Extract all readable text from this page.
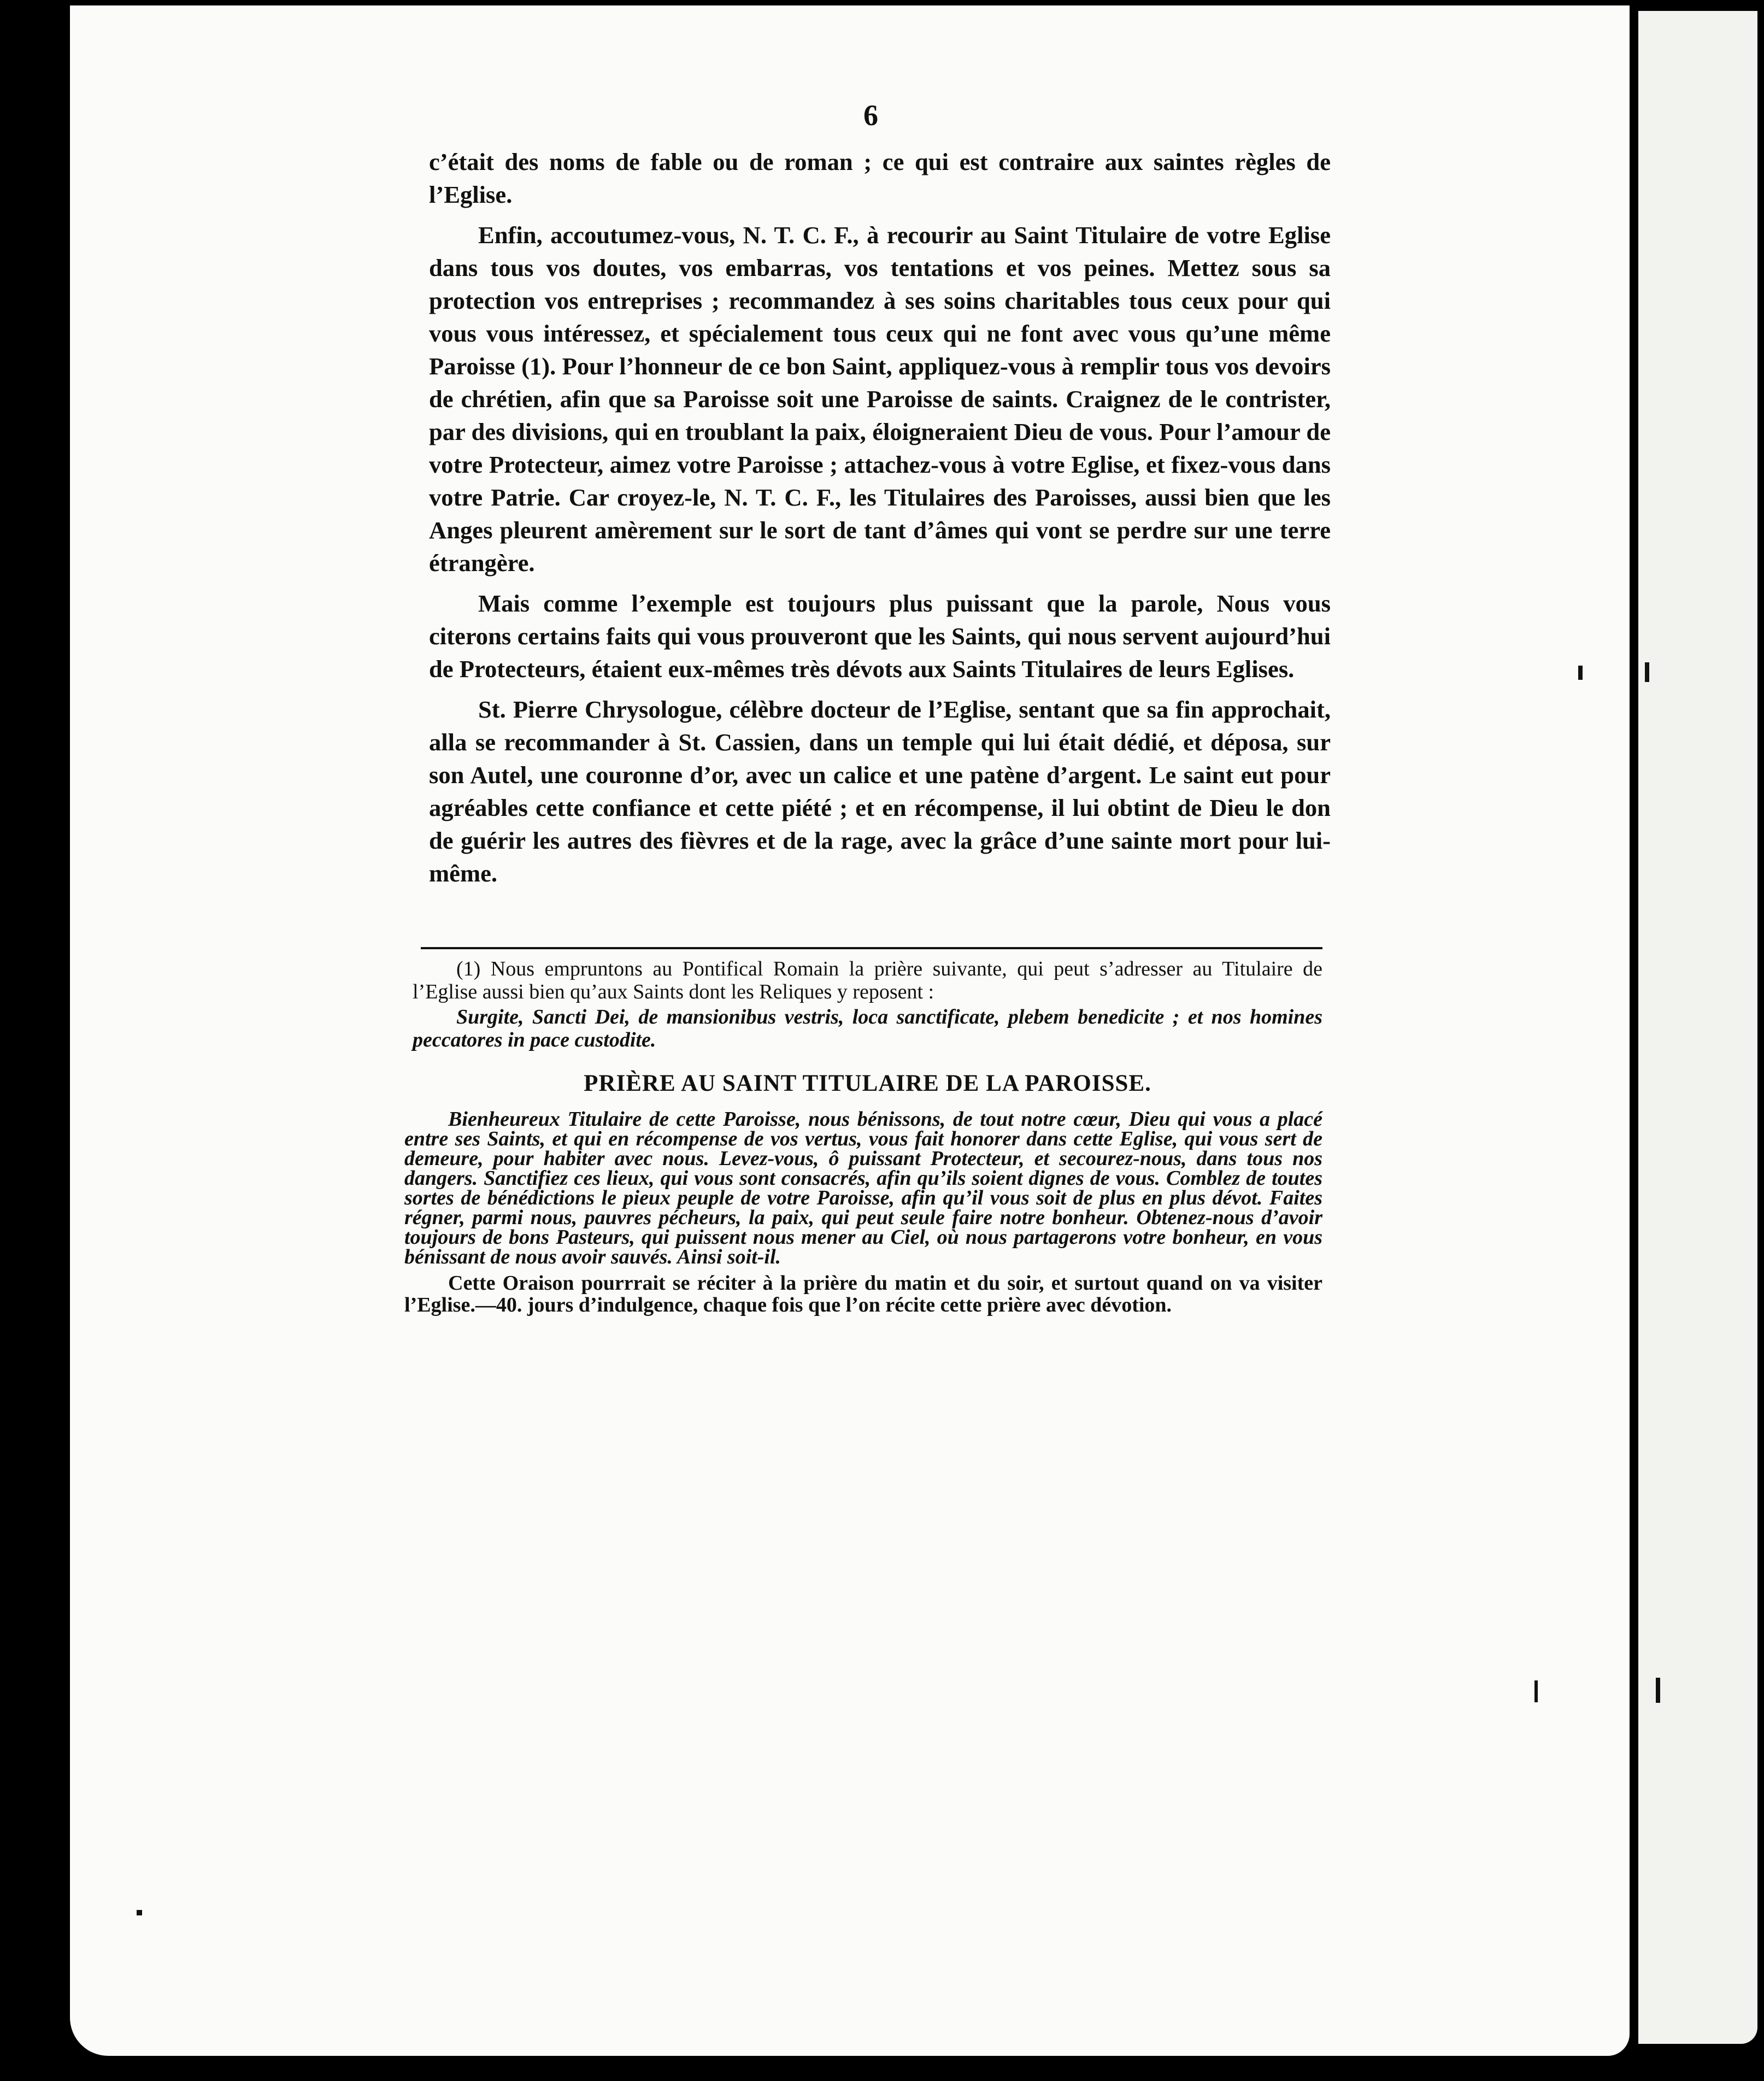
6

c’était des noms de fable ou de roman ; ce qui est contraire aux saintes règles de l’Eglise.

Enfin, accoutumez-vous, N. T. C. F., à recourir au Saint Titulaire de votre Eglise dans tous vos doutes, vos embarras, vos tentations et vos peines. Mettez sous sa protection vos entreprises ; recommandez à ses soins charitables tous ceux pour qui vous vous intéressez, et spécialement tous ceux qui ne font avec vous qu’une même Paroisse (1). Pour l’honneur de ce bon Saint, appliquez-vous à remplir tous vos devoirs de chrétien, afin que sa Paroisse soit une Paroisse de saints. Craignez de le contrister, par des divisions, qui en troublant la paix, éloigneraient Dieu de vous. Pour l’amour de votre Protecteur, aimez votre Paroisse ; attachez-vous à votre Eglise, et fixez-vous dans votre Patrie. Car croyez-le, N. T. C. F., les Titulaires des Paroisses, aussi bien que les Anges pleurent amèrement sur le sort de tant d’âmes qui vont se perdre sur une terre étrangère.

Mais comme l’exemple est toujours plus puissant que la parole, Nous vous citerons certains faits qui vous prouveront que les Saints, qui nous servent aujourd’hui de Protecteurs, étaient eux-mêmes très dévots aux Saints Titulaires de leurs Eglises.

St. Pierre Chrysologue, célèbre docteur de l’Eglise, sentant que sa fin approchait, alla se recommander à St. Cassien, dans un temple qui lui était dédié, et déposa, sur son Autel, une couronne d’or, avec un calice et une patène d’argent. Le saint eut pour agréables cette confiance et cette piété ; et en récompense, il lui obtint de Dieu le don de guérir les autres des fièvres et de la rage, avec la grâce d’une sainte mort pour lui-même.

(1) Nous empruntons au Pontifical Romain la prière suivante, qui peut s’adresser au Titulaire de l’Eglise aussi bien qu’aux Saints dont les Reliques y reposent :

Surgite, Sancti Dei, de mansionibus vestris, loca sanctificate, plebem benedicite ; et nos homines peccatores in pace custodite.

PRIÈRE AU SAINT TITULAIRE DE LA PAROISSE.

Bienheureux Titulaire de cette Paroisse, nous bénissons, de tout notre cœur, Dieu qui vous a placé entre ses Saints, et qui en récompense de vos vertus, vous fait honorer dans cette Eglise, qui vous sert de demeure, pour habiter avec nous. Levez-vous, ô puissant Protecteur, et secourez-nous, dans tous nos dangers. Sanctifiez ces lieux, qui vous sont consacrés, afin qu’ils soient dignes de vous. Comblez de toutes sortes de bénédictions le pieux peuple de votre Paroisse, afin qu’il vous soit de plus en plus dévot. Faites régner, parmi nous, pauvres pécheurs, la paix, qui peut seule faire notre bonheur. Obtenez-nous d’avoir toujours de bons Pasteurs, qui puissent nous mener au Ciel, où nous partagerons votre bonheur, en vous bénissant de nous avoir sauvés. Ainsi soit-il.

Cette Oraison pourrrait se réciter à la prière du matin et du soir, et surtout quand on va visiter l’Eglise.—40. jours d’indulgence, chaque fois que l’on récite cette prière avec dévotion.
